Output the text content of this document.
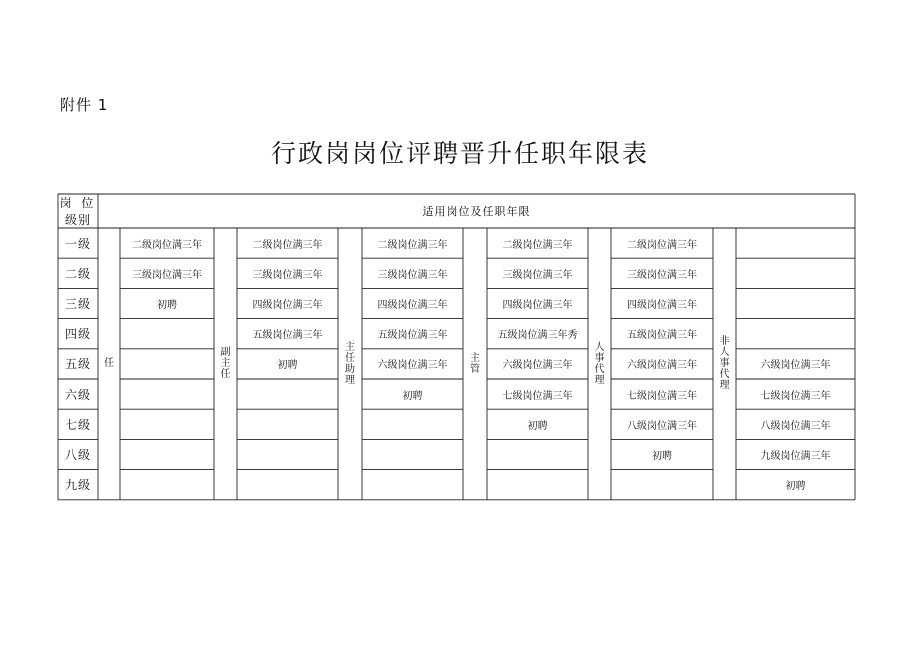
附件 1
行政岗岗位评聘晋升任职年限表
岗 位
级别
适用岗位及任职年限
一级
二级
三级
四级
五级
六级
七级
八级
九级
任
二级岗位满三年
三级岗位满三年
初聘
副
主
任
二级岗位满三年
三级岗位满三年
四级岗位满三年
五级岗位满三年
初聘
主
任
助
理
二级岗位满三年
三级岗位满三年
四级岗位满三年
五级岗位满三年
六级岗位满三年
初聘
主
管
二级岗位满三年
三级岗位满三年
四级岗位满三年
五级岗位满三年秀
六级岗位满三年
七级岗位满三年
初聘
人
事
代
理
二级岗位满三年
三级岗位满三年
四级岗位满三年
五级岗位满三年
六级岗位满三年
七级岗位满三年
八级岗位满三年
初聘
非
人
事
代
理
六级岗位满三年
七级岗位满三年
八级岗位满三年
九级岗位满三年
初聘
